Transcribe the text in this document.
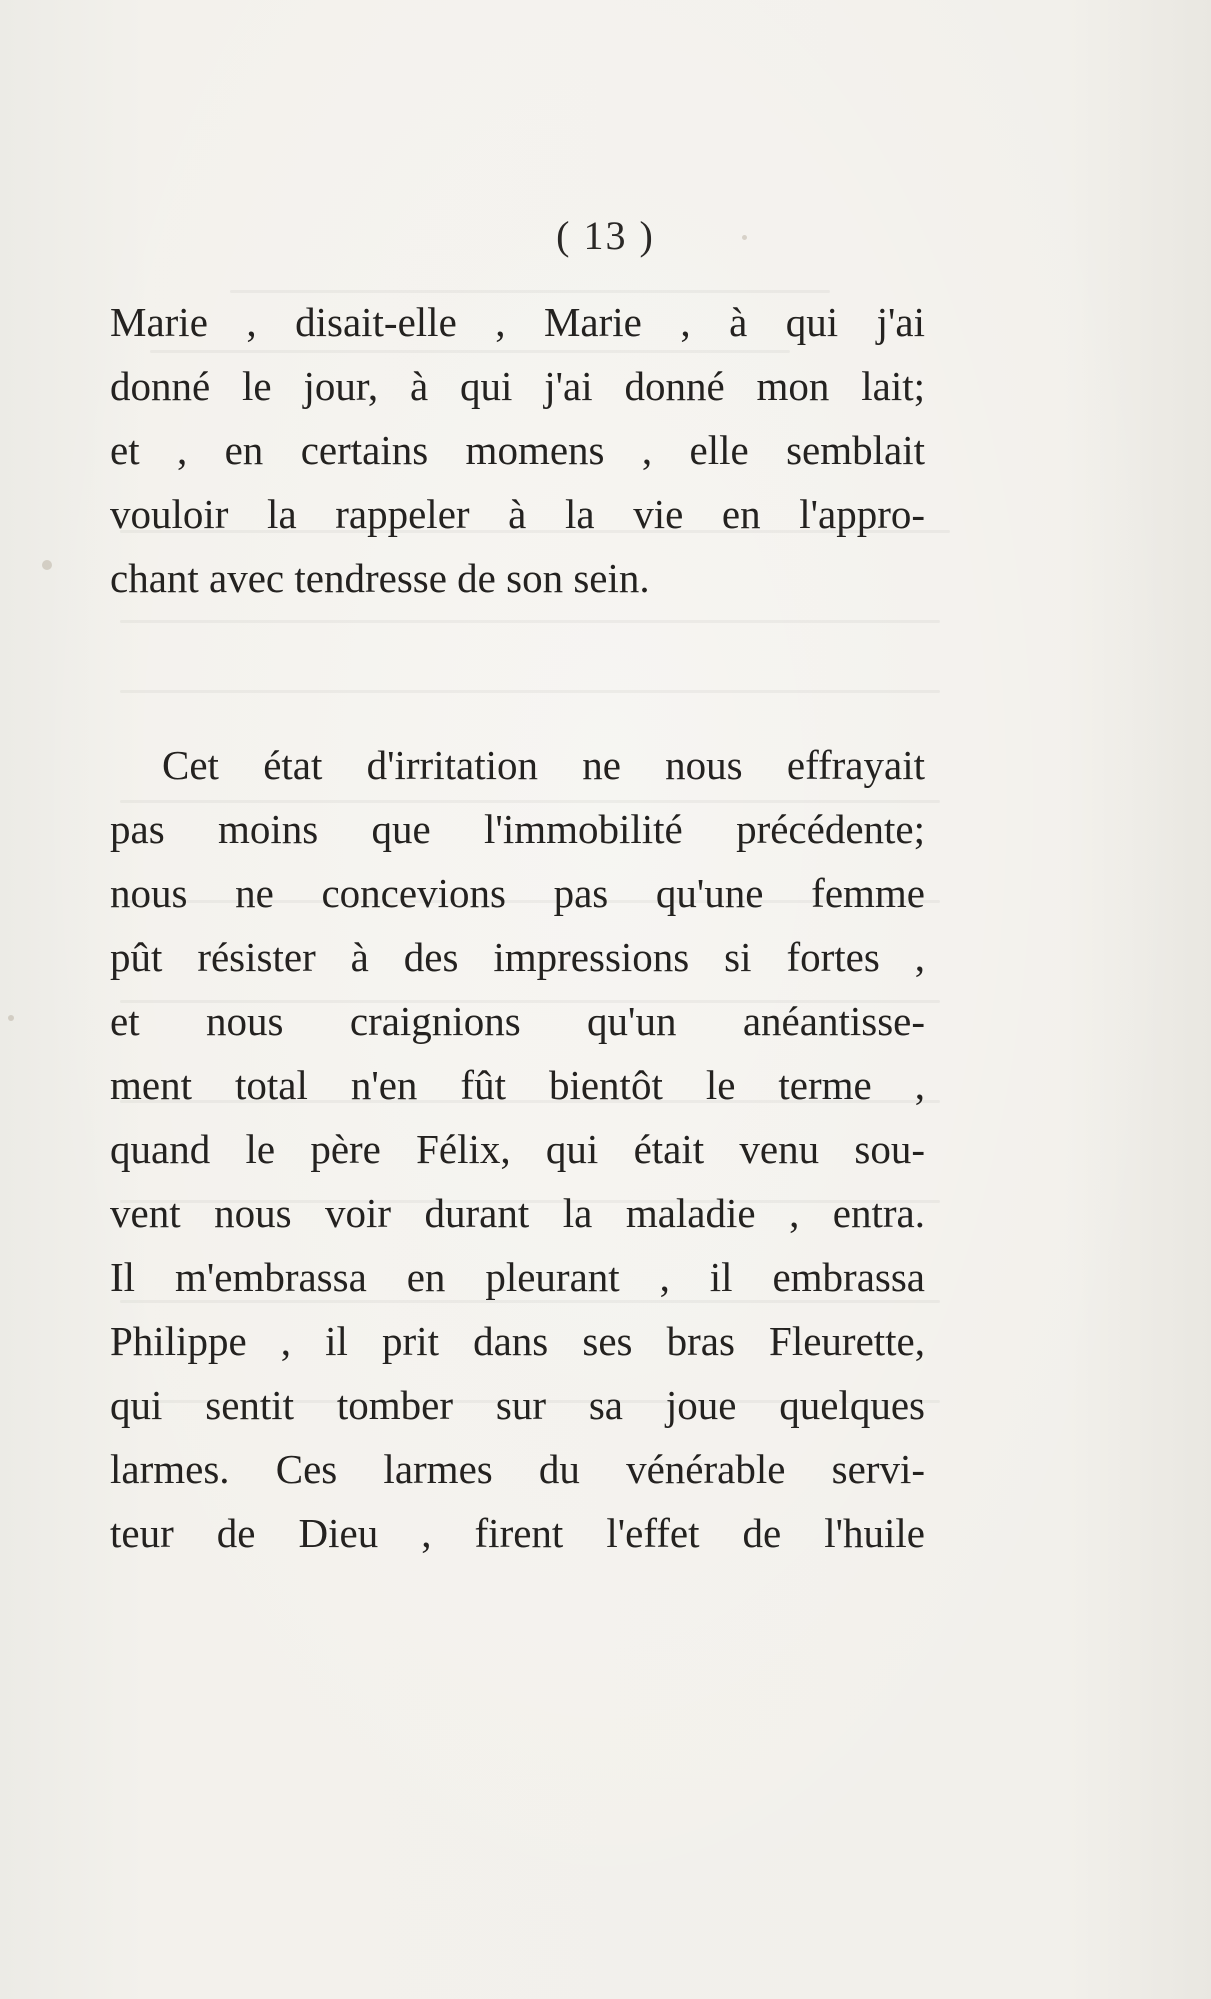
( 13 )
Marie , disait-elle , Marie , à qui j'ai
donné le jour, à qui j'ai donné mon lait;
et , en certains momens , elle semblait
vouloir la rappeler à la vie en l'appro-
chant avec tendresse de son sein.
Cet état d'irritation ne nous effrayait
pas moins que l'immobilité précédente;
nous ne concevions pas qu'une femme
pût résister à des impressions si fortes ,
et nous craignions qu'un anéantisse-
ment total n'en fût bientôt le terme ,
quand le père Félix, qui était venu sou-
vent nous voir durant la maladie , entra.
Il m'embrassa en pleurant , il embrassa
Philippe , il prit dans ses bras Fleurette,
qui sentit tomber sur sa joue quelques
larmes. Ces larmes du vénérable servi-
teur de Dieu , firent l'effet de l'huile
